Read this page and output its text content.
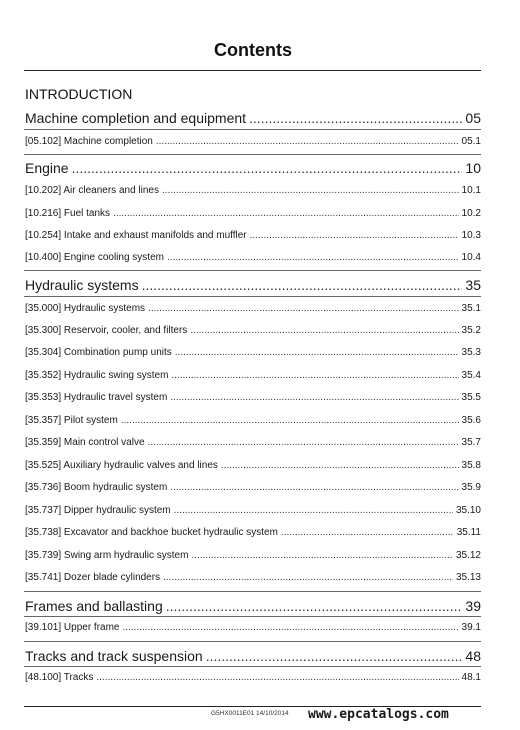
Contents
INTRODUCTION
G5HX0011E01 14/10/2014 www.epcatalogs.com
Machine completion and equipment .....	05
[05.102] Machine completion .....	05.1
Engine .....	10
[10.202] Air cleaners and lines .....	10.1
[10.216] Fuel tanks .....	10.2
[10.254] Intake and exhaust manifolds and muffler .....	10.3
[10.400] Engine cooling system .....	10.4
Hydraulic systems .....	35
[35.000] Hydraulic systems .....	35.1
[35.300] Reservoir, cooler, and filters .....	35.2
[35.304] Combination pump units .....	35.3
[35.352] Hydraulic swing system .....	35.4
[35.353] Hydraulic travel system .....	35.5
[35.357] Pilot system .....	35.6
[35.359] Main control valve .....	35.7
[35.525] Auxiliary hydraulic valves and lines .....	35.8
[35.736] Boom hydraulic system .....	35.9
[35.737] Dipper hydraulic system .....	35.10
[35.738] Excavator and backhoe bucket hydraulic system .....	35.11
[35.739] Swing arm hydraulic system .....	35.12
[35.741] Dozer blade cylinders .....	35.13
Frames and ballasting .....	39
[39.101] Upper frame .....	39.1
Tracks and track suspension .....	48
[48.100] Tracks .....	48.1
